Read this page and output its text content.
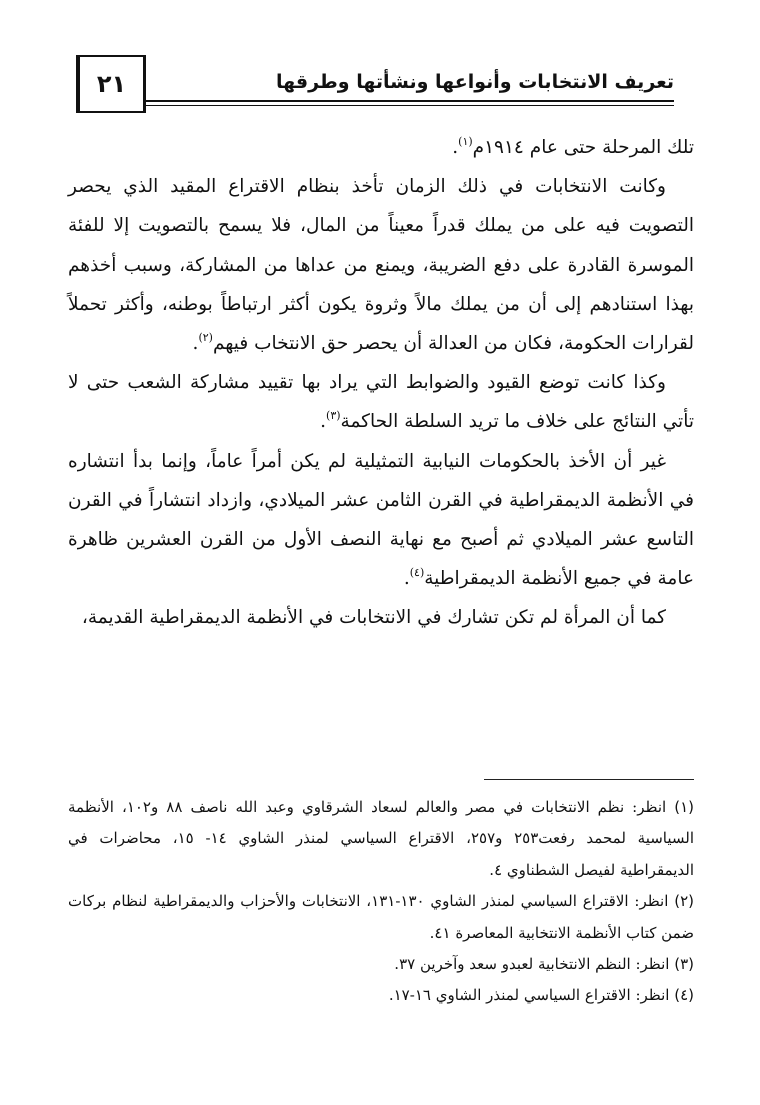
٢١	تعريف الانتخابات وأنواعها ونشأتها وطرقها

تلك المرحلة حتى عام ١٩١٤م$^{(١)}$.

وكانت الانتخابات في ذلك الزمان تأخذ بنظام الاقتراع المقيد الذي يحصر التصويت فيه على من يملك قدراً معيناً من المال، فلا يسمح بالتصويت إلا للفئة الموسرة القادرة على دفع الضريبة، ويمنع من عداها من المشاركة، وسبب أخذهم بهذا استنادهم إلى أن من يملك مالاً وثروة يكون أكثر ارتباطاً بوطنه، وأكثر تحملاً لقرارات الحكومة، فكان من العدالة أن يحصر حق الانتخاب فيهم$^{(٢)}$.

وكذا كانت توضع القيود والضوابط التي يراد بها تقييد مشاركة الشعب حتى لا تأتي النتائج على خلاف ما تريد السلطة الحاكمة$^{(٣)}$.

غير أن الأخذ بالحكومات النيابية التمثيلية لم يكن أمراً عاماً، وإنما بدأ انتشاره في الأنظمة الديمقراطية في القرن الثامن عشر الميلادي، وازداد انتشاراً في القرن التاسع عشر الميلادي ثم أصبح مع نهاية النصف الأول من القرن العشرين ظاهرة عامة في جميع الأنظمة الديمقراطية$^{(٤)}$.

كما أن المرأة لم تكن تشارك في الانتخابات في الأنظمة الديمقراطية القديمة،

(١) انظر: نظم الانتخابات في مصر والعالم لسعاد الشرقاوي وعبد الله ناصف ٨٨ و١٠٢، الأنظمة السياسية لمحمد رفعت٢٥٣ و٢٥٧، الاقتراع السياسي لمنذر الشاوي ١٤- ١٥، محاضرات في الديمقراطية لفيصل الشطناوي ٤.

(٢) انظر: الاقتراع السياسي لمنذر الشاوي ١٣٠-١٣١، الانتخابات والأحزاب والديمقراطية لنظام بركات ضمن كتاب الأنظمة الانتخابية المعاصرة ٤١.

(٣) انظر: النظم الانتخابية لعبدو سعد وآخرين ٣٧.

(٤) انظر: الاقتراع السياسي لمنذر الشاوي ١٦-١٧.
